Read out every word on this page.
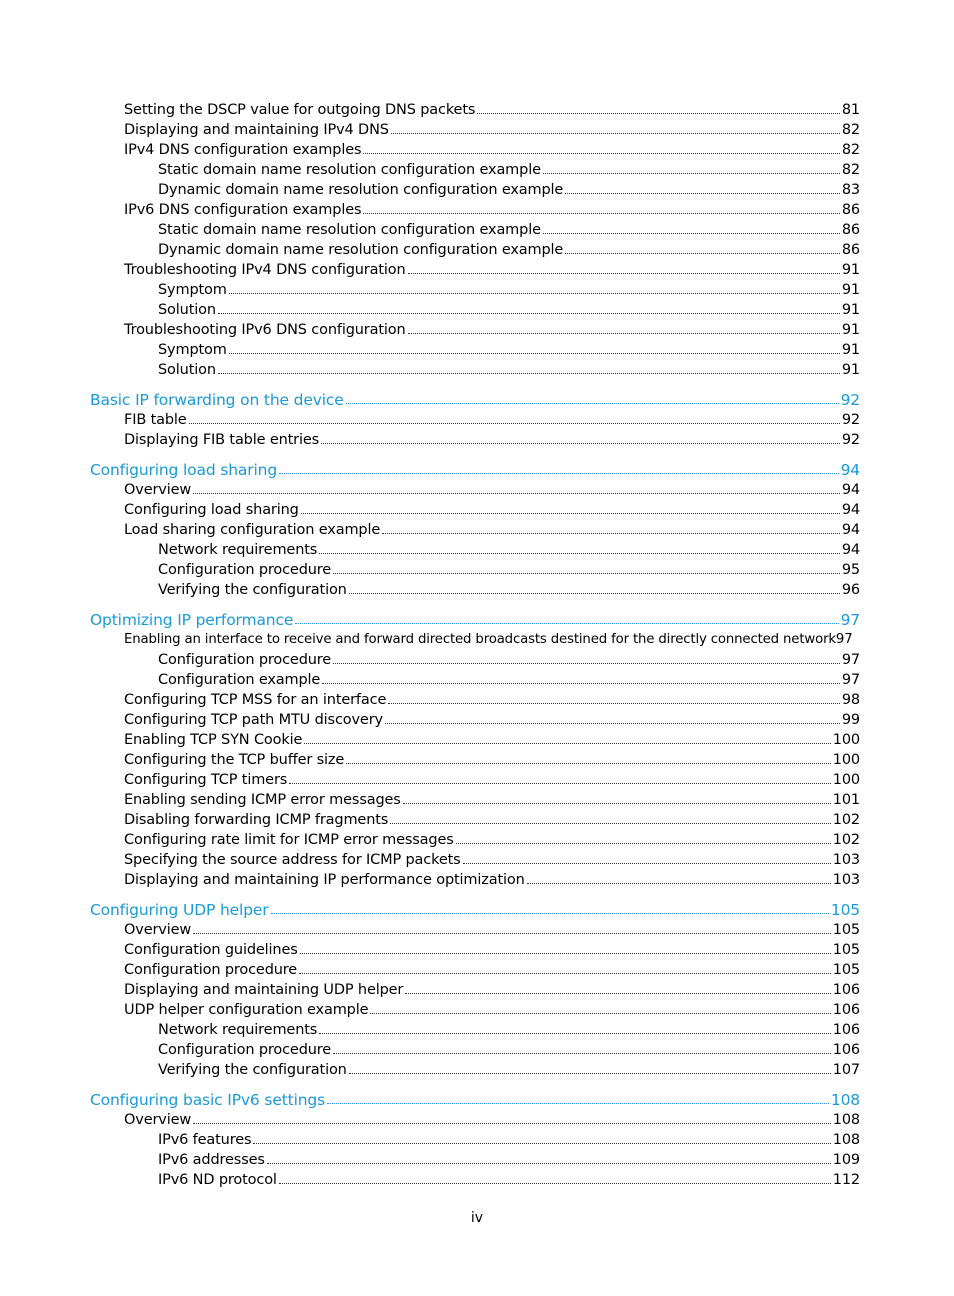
Setting the DSCP value for outgoing DNS packets	81
Displaying and maintaining IPv4 DNS	82
IPv4 DNS configuration examples	82
Static domain name resolution configuration example	82
Dynamic domain name resolution configuration example	83
IPv6 DNS configuration examples	86
Static domain name resolution configuration example	86
Dynamic domain name resolution configuration example	86
Troubleshooting IPv4 DNS configuration	91
Symptom	91
Solution	91
Troubleshooting IPv6 DNS configuration	91
Symptom	91
Solution	91
Basic IP forwarding on the device	92
FIB table	92
Displaying FIB table entries	92
Configuring load sharing	94
Overview	94
Configuring load sharing	94
Load sharing configuration example	94
Network requirements	94
Configuration procedure	95
Verifying the configuration	96
Optimizing IP performance	97
Enabling an interface to receive and forward directed broadcasts destined for the directly connected network 97
Configuration procedure	97
Configuration example	97
Configuring TCP MSS for an interface	98
Configuring TCP path MTU discovery	99
Enabling TCP SYN Cookie	100
Configuring the TCP buffer size	100
Configuring TCP timers	100
Enabling sending ICMP error messages	101
Disabling forwarding ICMP fragments	102
Configuring rate limit for ICMP error messages	102
Specifying the source address for ICMP packets	103
Displaying and maintaining IP performance optimization	103
Configuring UDP helper	105
Overview	105
Configuration guidelines	105
Configuration procedure	105
Displaying and maintaining UDP helper	106
UDP helper configuration example	106
Network requirements	106
Configuration procedure	106
Verifying the configuration	107
Configuring basic IPv6 settings	108
Overview	108
IPv6 features	108
IPv6 addresses	109
IPv6 ND protocol	112
iv
